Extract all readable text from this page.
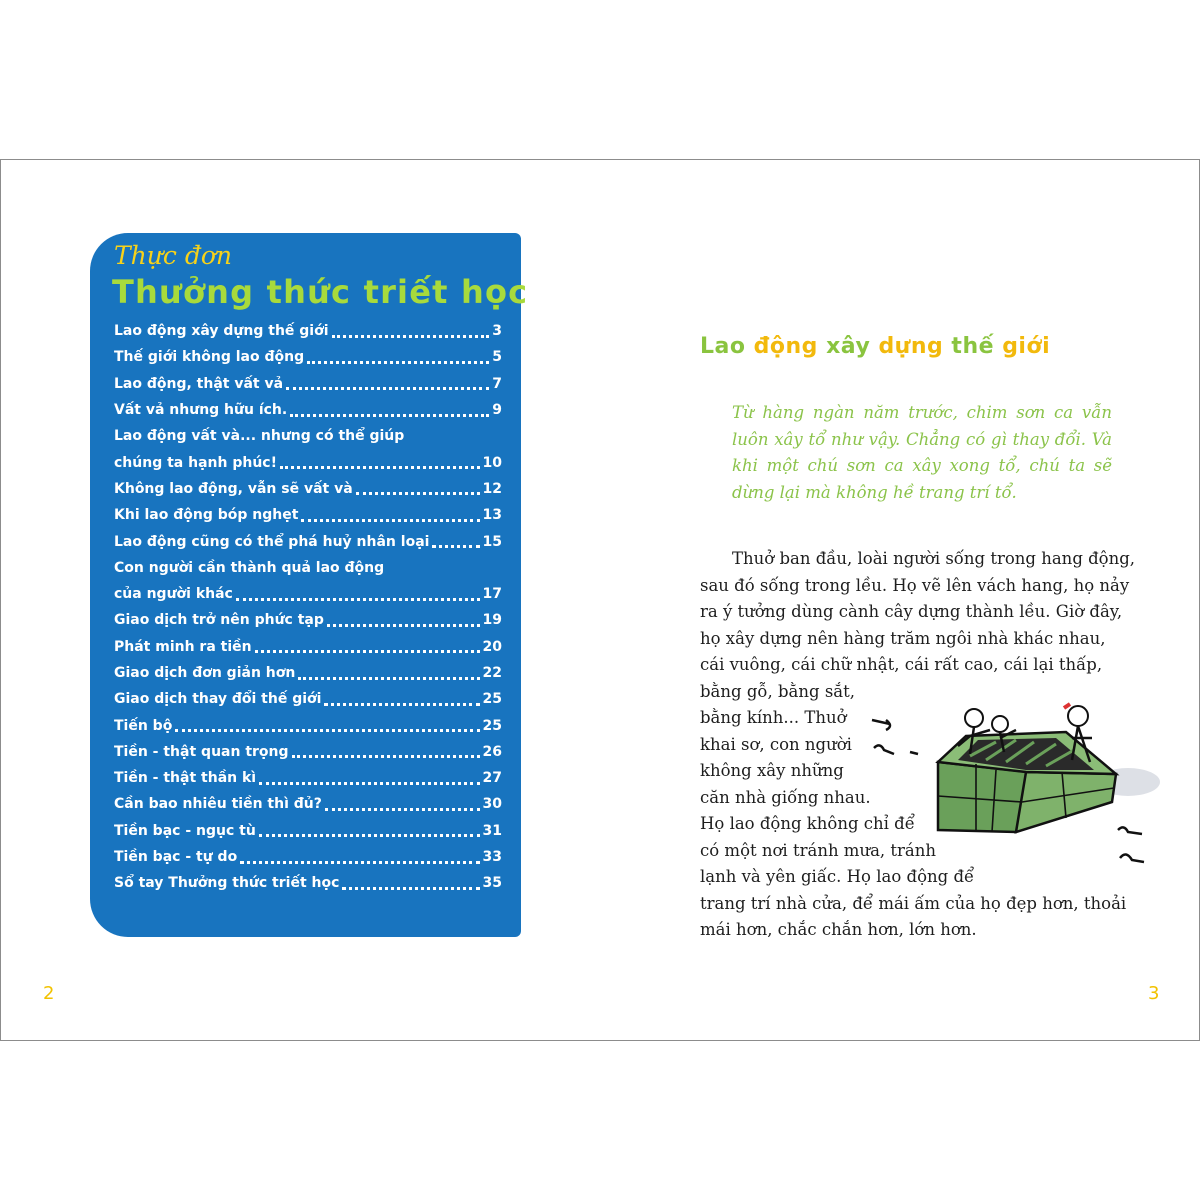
Thực đơn
Thưởng thức triết học
Lao động xây dựng thế giới	3
Thế giới không lao động	5
Lao động, thật vất vả	7
Vất vả nhưng hữu ích.	9
Lao động vất và... nhưng có thể giúp
chúng ta hạnh phúc!	10
Không lao động, vẫn sẽ vất và	12
Khi lao động bóp nghẹt	13
Lao động cũng có thể phá huỷ nhân loại	15
Con người cần thành quả lao động
của người khác	17
Giao dịch trở nên phức tạp	19
Phát minh ra tiền	20
Giao dịch đơn giản hơn	22
Giao dịch thay đổi thế giới	25
Tiến bộ	25
Tiền - thật quan trọng	26
Tiền - thật thần kì	27
Cần bao nhiêu tiền thì đủ?	30
Tiền bạc - ngục tù	31
Tiền bạc - tự do	33
Sổ tay Thưởng thức triết học	35
2	3
Lao động xây dựng thế giới

Từ hàng ngàn năm trước, chim sơn ca vẫn luôn xây tổ như vậy. Chẳng có gì thay đổi. Và khi một chú sơn ca xây xong tổ, chú ta sẽ dừng lại mà không hề trang trí tổ.

Thuở ban đầu, loài người sống trong hang động,
sau đó sống trong lều. Họ vẽ lên vách hang, họ nảy
ra ý tưởng dùng cành cây dựng thành lều. Giờ đây,
họ xây dựng nên hàng trăm ngôi nhà khác nhau,
cái vuông, cái chữ nhật, cái rất cao, cái lại thấp,
bằng gỗ, bằng sắt,
bằng kính... Thuở
khai sơ, con người
không xây những
căn nhà giống nhau.
Họ lao động không chỉ để
có một nơi tránh mưa, tránh
lạnh và yên giấc. Họ lao động để
trang trí nhà cửa, để mái ấm của họ đẹp hơn, thoải
mái hơn, chắc chắn hơn, lớn hơn.
